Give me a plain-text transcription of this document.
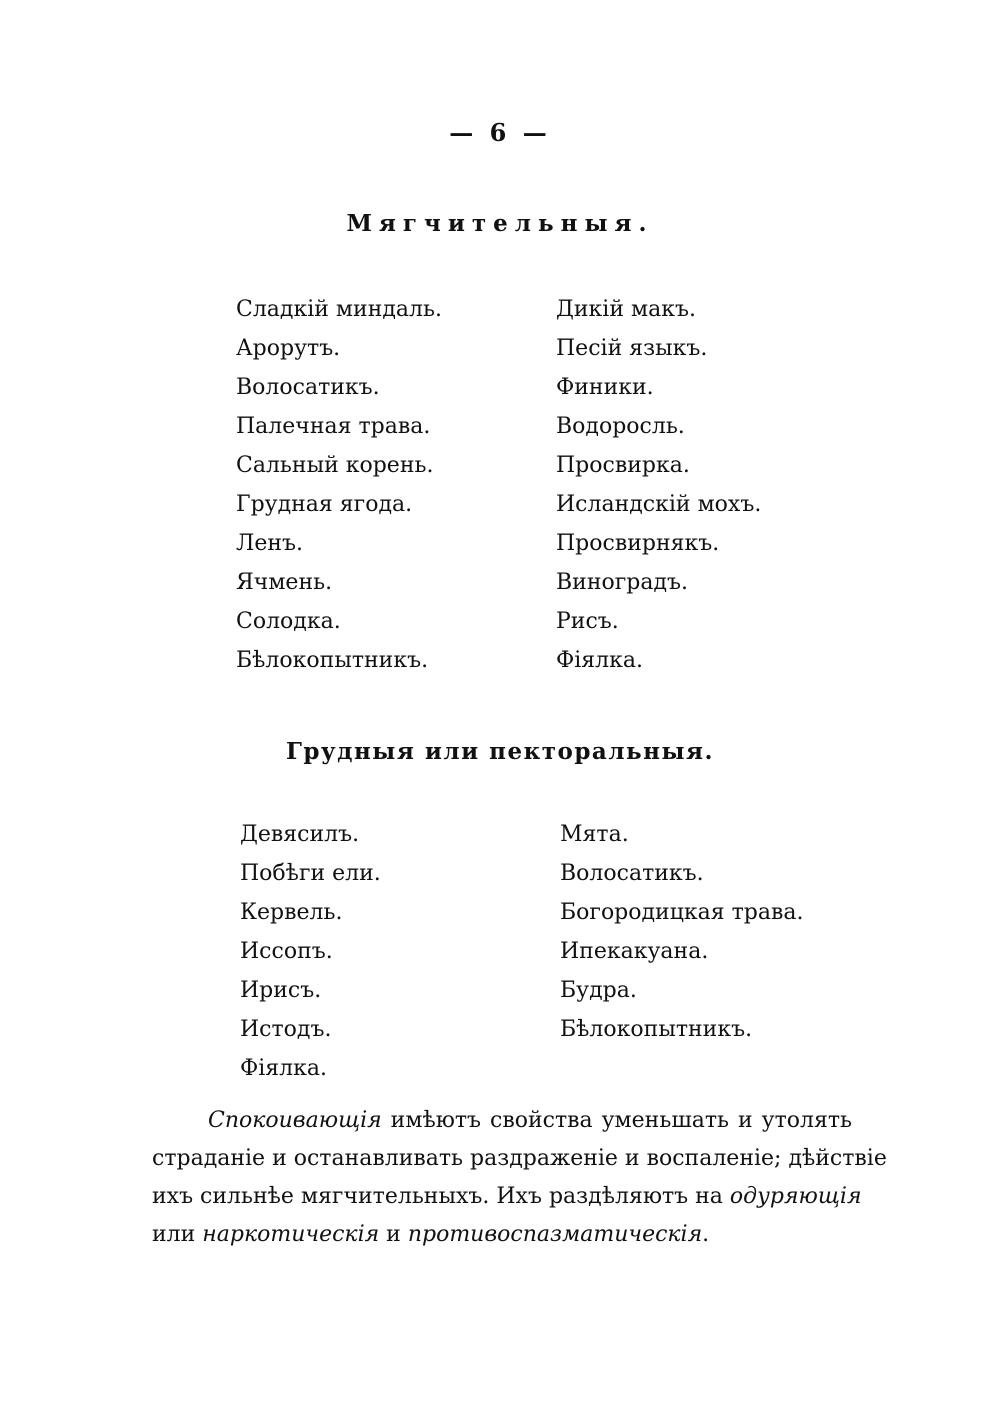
— 6 —
Мягчительныя.
Сладкій миндаль.
Арорутъ.
Волосатикъ.
Палечная трава.
Сальный корень.
Грудная ягода.
Ленъ.
Ячмень.
Солодка.
Бѣлокопытникъ.
Дикій макъ.
Песій языкъ.
Финики.
Водоросль.
Просвирка.
Исландскій мохъ.
Просвирнякъ.
Виноградъ.
Рисъ.
Фіялка.
Грудныя или пекторальныя.
Девясилъ.
Побѣги ели.
Кервель.
Иссопъ.
Ирисъ.
Истодъ.
Фіялка.
Мята.
Волосатикъ.
Богородицкая трава.
Ипекакуана.
Будра.
Бѣлокопытникъ.
Спокоивающія имѣютъ свойства уменьшать и утолять
страданіе и останавливать раздраженіе и воспаленіе; дѣйствіе
ихъ сильнѣе мягчительныхъ. Ихъ раздѣляютъ на одуряющія
или наркотическія и противоспазматическія.
